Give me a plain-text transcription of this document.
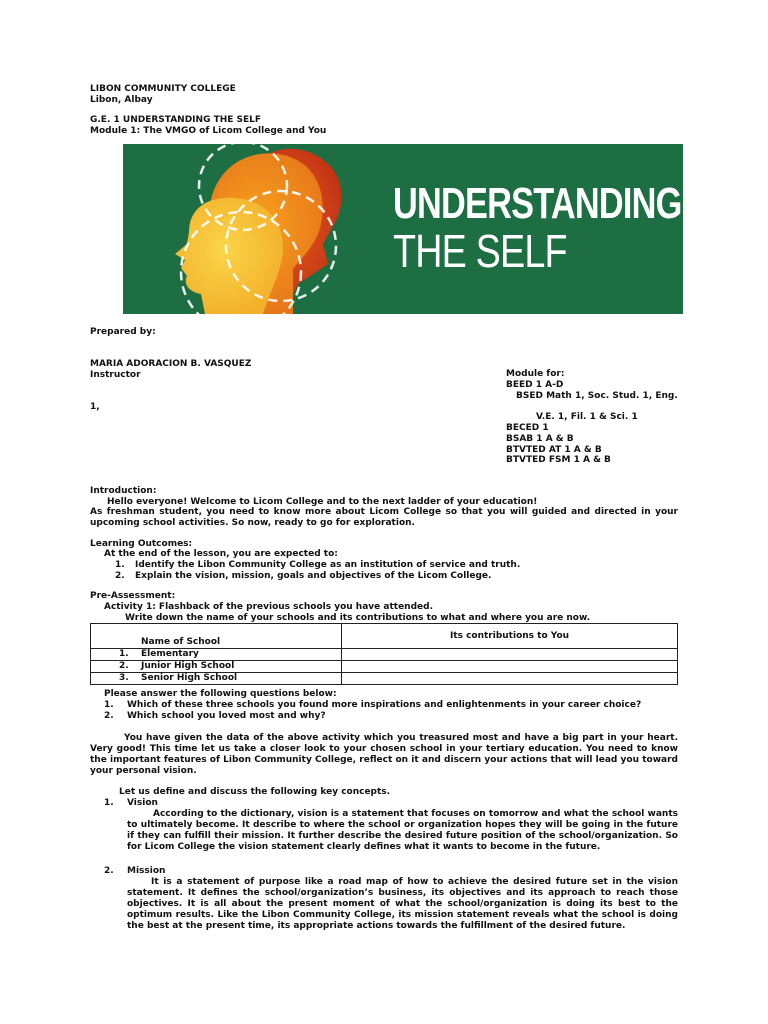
LIBON COMMUNITY COLLEGE

Libon, Albay

G.E. 1 UNDERSTANDING THE SELF

Module 1: The VMGO of Licom College and You

UNDERSTANDING
THE SELF

Prepared by:

MARIA ADORACION B. VASQUEZ

Instructor

1,

Module for:

BEED 1 A-D

BSED Math 1, Soc. Stud. 1, Eng.

V.E. 1, Fil. 1 & Sci. 1

BECED 1

BSAB 1 A & B

BTVTED AT 1 A & B

BTVTED FSM 1 A & B

Introduction:

Hello everyone! Welcome to Licom College and to the next ladder of your education!

As freshman student, you need to know more about Licom College so that you will guided and directed in your upcoming school activities. So now, ready to go for exploration.

Learning Outcomes:

At the end of the lesson, you are expected to:

1. Identify the Libon Community College as an institution of service and truth.

2. Explain the vision, mission, goals and objectives of the Licom College.

Pre-Assessment:

Activity 1: Flashback of the previous schools you have attended.

Write down the name of your schools and its contributions to what and where you are now.

Name of School	Its contributions to You
1. Elementary	
2. Junior High School	
3. Senior High School	

Please answer the following questions below:

1. Which of these three schools you found more inspirations and enlightenments in your career choice?

2. Which school you loved most and why?

You have given the data of the above activity which you treasured most and have a big part in your heart. Very good! This time let us take a closer look to your chosen school in your tertiary education. You need to know the important features of Libon Community College, reflect on it and discern your actions that will lead you toward your personal vision.

Let us define and discuss the following key concepts.

1. Vision

According to the dictionary, vision is a statement that focuses on tomorrow and what the school wants to ultimately become. It describe to where the school or organization hopes they will be going in the future if they can fulfill their mission. It further describe the desired future position of the school/organization. So for Licom College the vision statement clearly defines what it wants to become in the future.

2. Mission

It is a statement of purpose like a road map of how to achieve the desired future set in the vision statement. It defines the school/organization’s business, its objectives and its approach to reach those objectives. It is all about the present moment of what the school/organization is doing its best to the optimum results. Like the Libon Community College, its mission statement reveals what the school is doing the best at the present time, its appropriate actions towards the fulfillment of the desired future.
